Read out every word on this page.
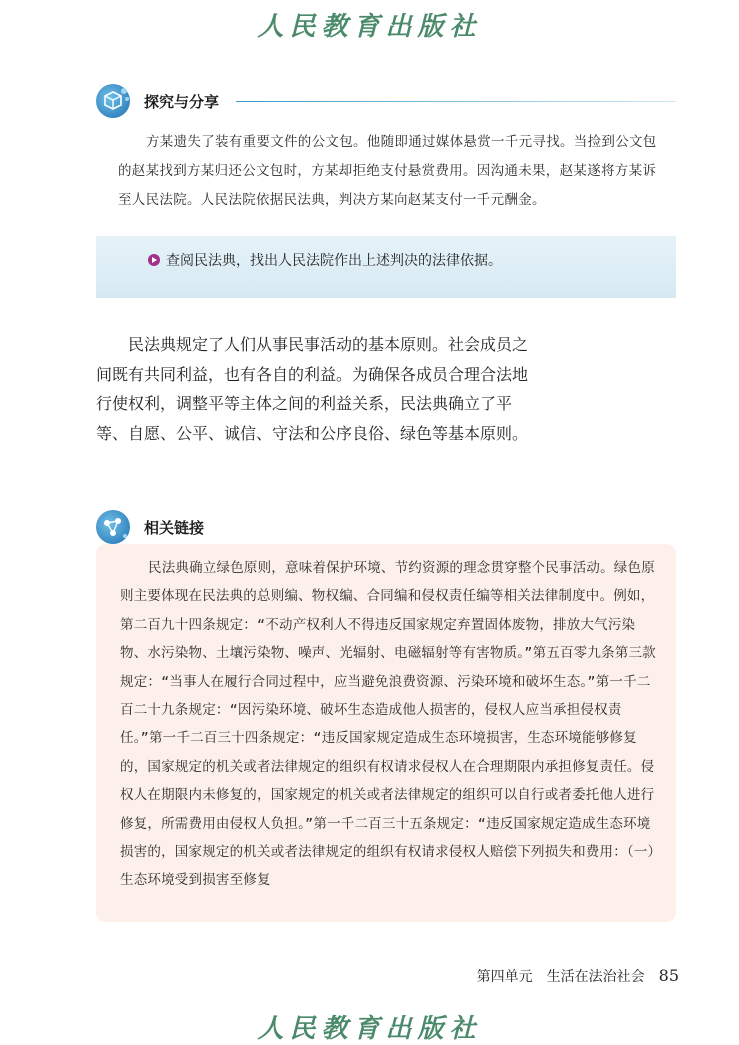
人民教育出版社
探究与分享
方某遗失了装有重要文件的公文包。他随即通过媒体悬赏一千元寻找。当捡到公文包的赵某找到方某归还公文包时，方某却拒绝支付悬赏费用。因沟通未果，赵某遂将方某诉至人民法院。人民法院依据民法典，判决方某向赵某支付一千元酬金。
查阅民法典，找出人民法院作出上述判决的法律依据。
民法典规定了人们从事民事活动的基本原则。社会成员之间既有共同利益，也有各自的利益。为确保各成员合理合法地行使权利，调整平等主体之间的利益关系，民法典确立了平等、自愿、公平、诚信、守法和公序良俗、绿色等基本原则。
相关链接
民法典确立绿色原则，意味着保护环境、节约资源的理念贯穿整个民事活动。绿色原则主要体现在民法典的总则编、物权编、合同编和侵权责任编等相关法律制度中。例如，第二百九十四条规定：“不动产权利人不得违反国家规定弃置固体废物，排放大气污染物、水污染物、土壤污染物、噪声、光辐射、电磁辐射等有害物质。”第五百零九条第三款规定：“当事人在履行合同过程中，应当避免浪费资源、污染环境和破坏生态。”第一千二百二十九条规定：“因污染环境、破坏生态造成他人损害的，侵权人应当承担侵权责任。”第一千二百三十四条规定：“违反国家规定造成生态环境损害，生态环境能够修复的，国家规定的机关或者法律规定的组织有权请求侵权人在合理期限内承担修复责任。侵权人在期限内未修复的，国家规定的机关或者法律规定的组织可以自行或者委托他人进行修复，所需费用由侵权人负担。”第一千二百三十五条规定：“违反国家规定造成生态环境损害的，国家规定的机关或者法律规定的组织有权请求侵权人赔偿下列损失和费用：（一）生态环境受到损害至修复
第四单元 生活在法治社会 85
人民教育出版社
